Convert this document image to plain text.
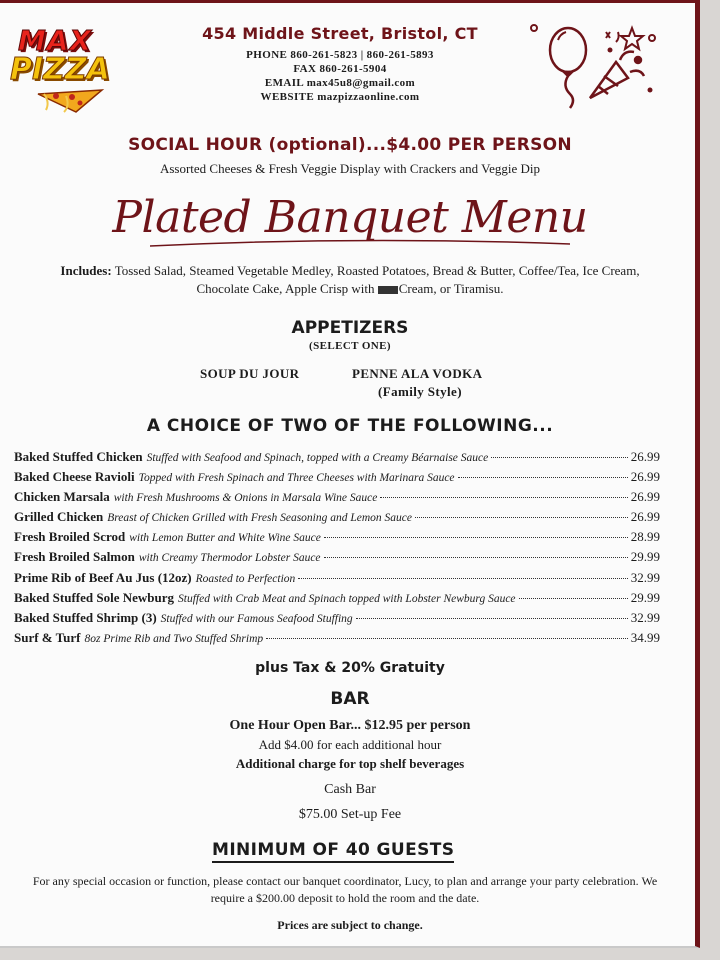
MAX
PIZZA
454 Middle Street, Bristol, CT
PHONE 860-261-5823 | 860-261-5893
FAX 860-261-5904
EMAIL max45u8@gmail.com
WEBSITE mazpizzaonline.com
SOCIAL HOUR (optional)...$4.00 PER PERSON
Assorted Cheeses & Fresh Veggie Display with Crackers and Veggie Dip
Plated Banquet Menu
Includes: Tossed Salad, Steamed Vegetable Medley, Roasted Potatoes, Bread & Butter, Coffee/Tea, Ice Cream, Chocolate Cake, Apple Crisp with Cream, or Tiramisu.
APPETIZERS
(SELECT ONE)
SOUP DU JOUR	PENNE ALA VODKA
(Family Style)
A CHOICE OF TWO OF THE FOLLOWING...
Baked Stuffed Chicken Stuffed with Seafood and Spinach, topped with a Creamy Béarnaise Sauce	26.99
Baked Cheese Ravioli Topped with Fresh Spinach and Three Cheeses with Marinara Sauce	26.99
Chicken Marsala with Fresh Mushrooms & Onions in Marsala Wine Sauce	26.99
Grilled Chicken Breast of Chicken Grilled with Fresh Seasoning and Lemon Sauce	26.99
Fresh Broiled Scrod with Lemon Butter and White Wine Sauce	28.99
Fresh Broiled Salmon with Creamy Thermodor Lobster Sauce	29.99
Prime Rib of Beef Au Jus (12oz) Roasted to Perfection	32.99
Baked Stuffed Sole Newburg Stuffed with Crab Meat and Spinach topped with Lobster Newburg Sauce	29.99
Baked Stuffed Shrimp (3) Stuffed with our Famous Seafood Stuffing	32.99
Surf & Turf 8oz Prime Rib and Two Stuffed Shrimp	34.99
plus Tax & 20% Gratuity
BAR
One Hour Open Bar... $12.95 per person
Add $4.00 for each additional hour
Additional charge for top shelf beverages
Cash Bar
$75.00 Set-up Fee
MINIMUM OF 40 GUESTS
For any special occasion or function, please contact our banquet coordinator, Lucy, to plan and arrange your party celebration. We require a $200.00 deposit to hold the room and the date.
Prices are subject to change.
